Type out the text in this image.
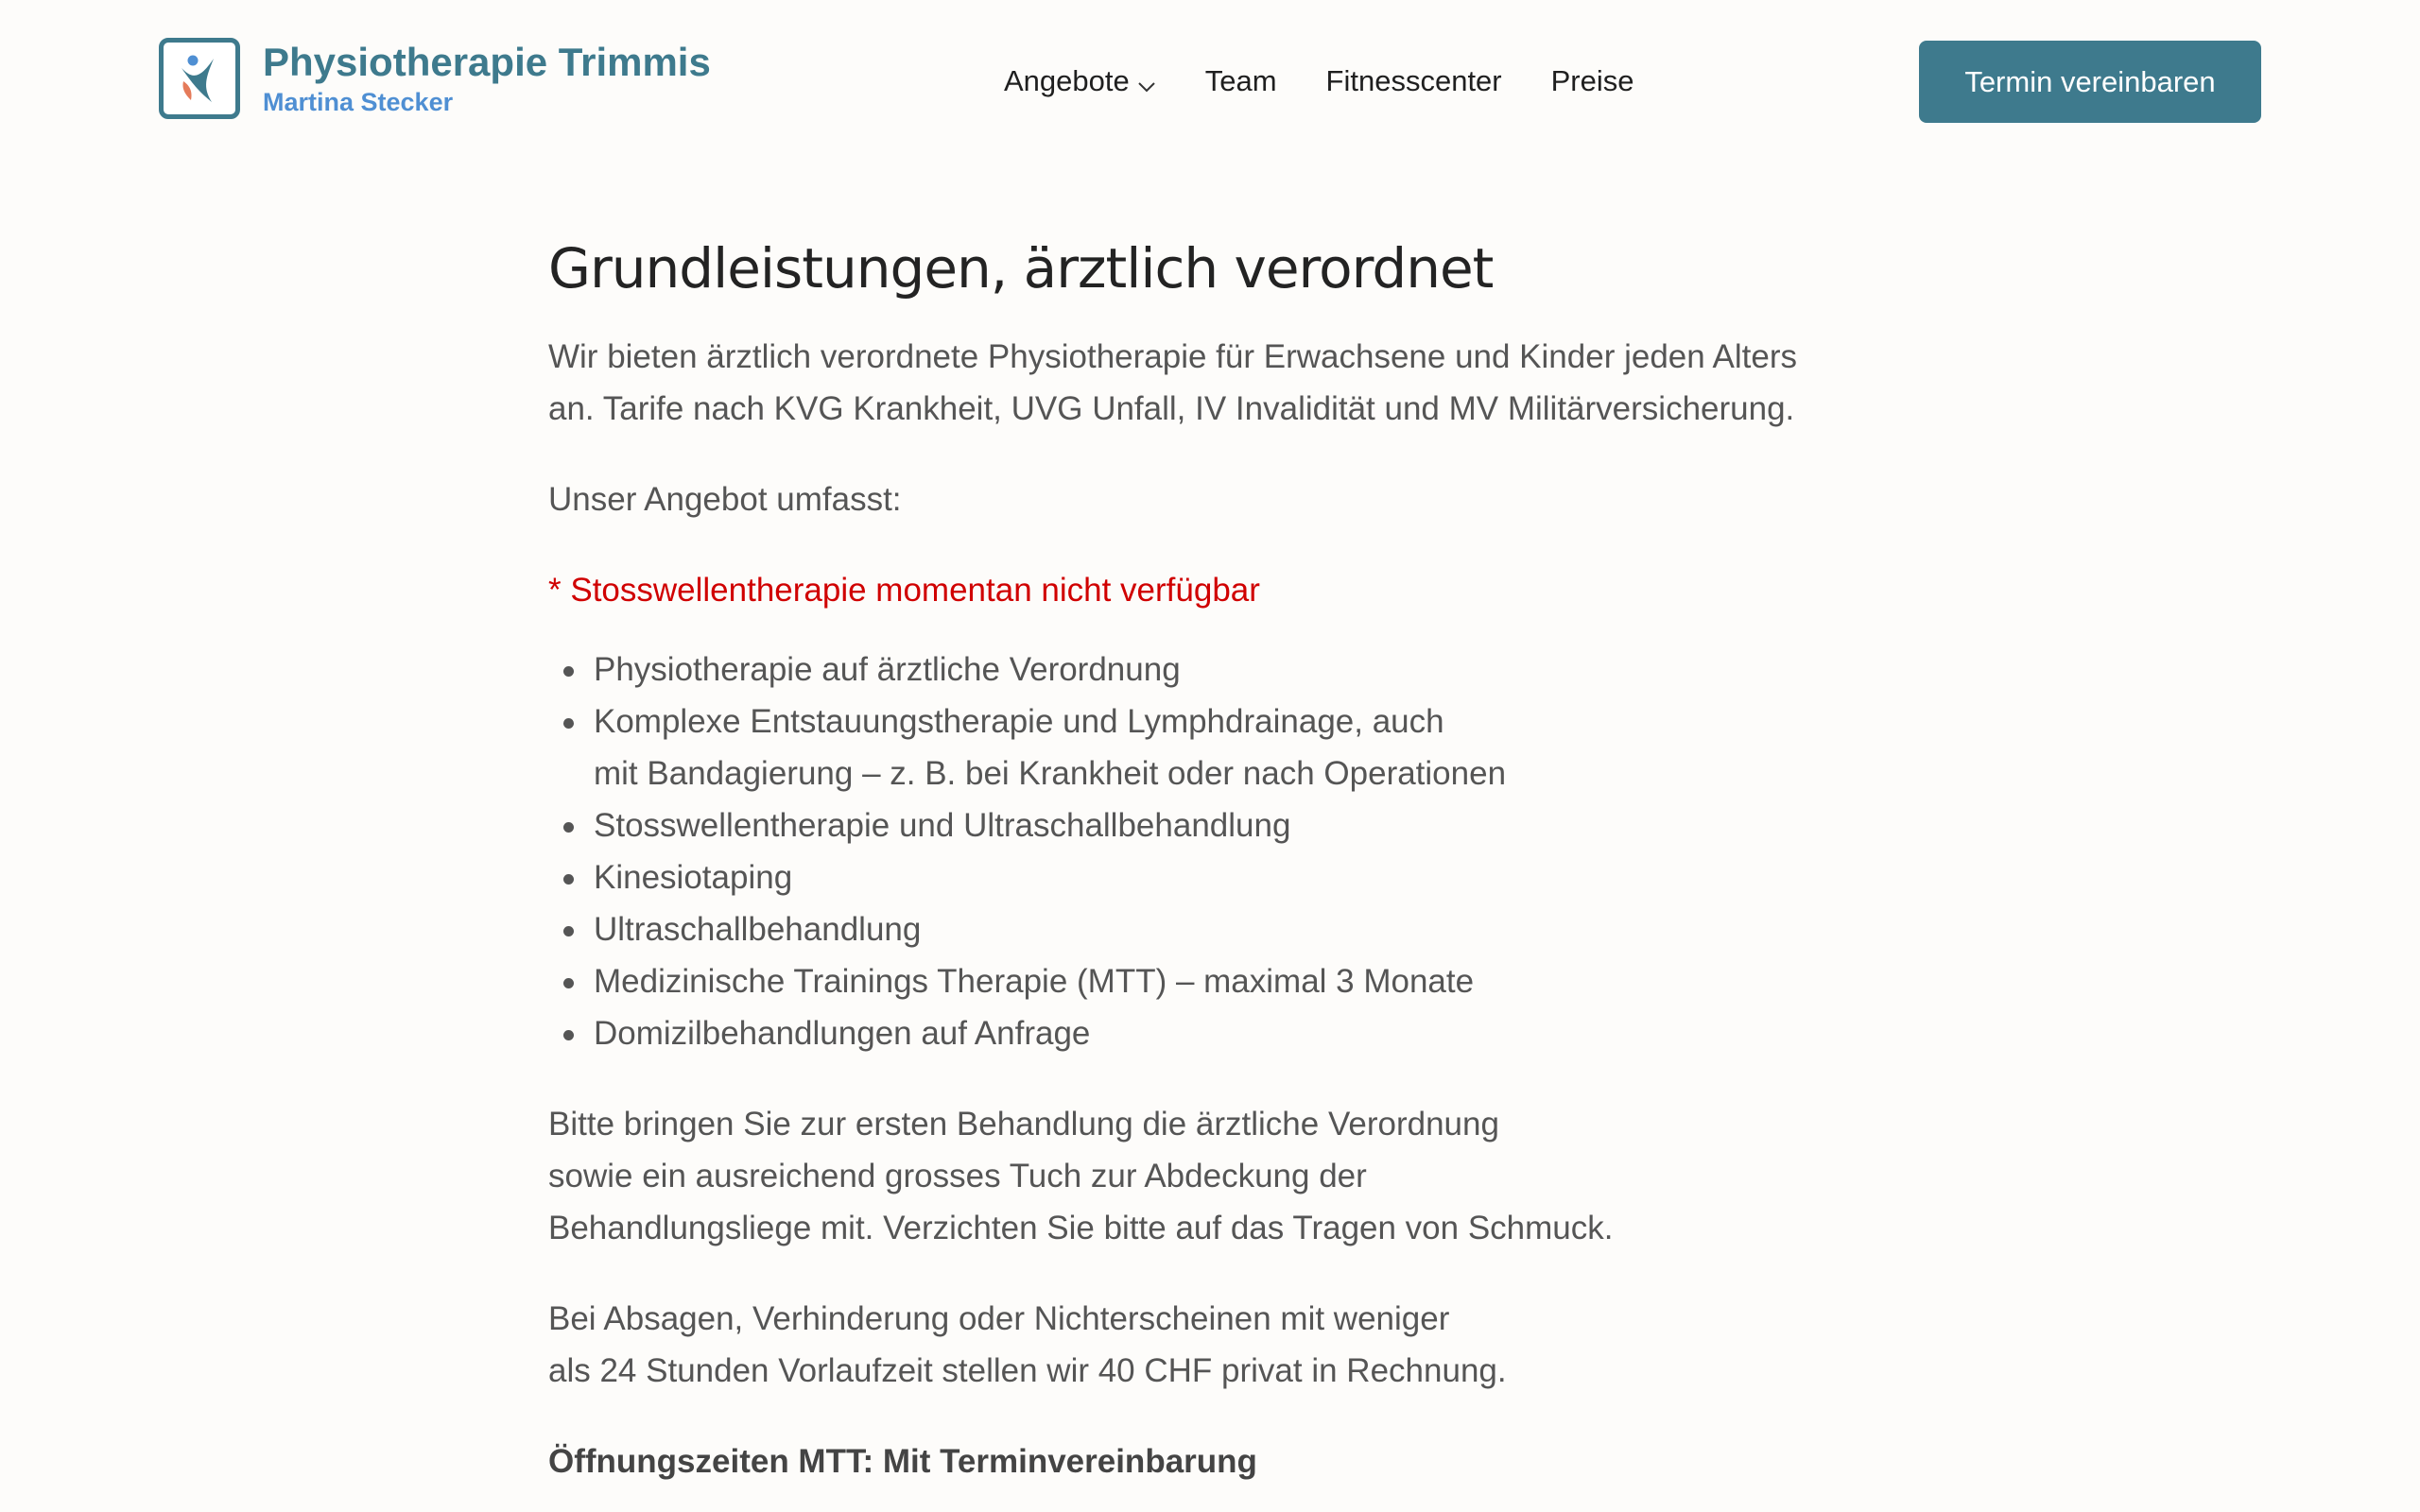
Physiotherapie Trimmis
Martina Stecker
Angebote	Team Fitnesscenter Preise	Termin vereinbaren
Grundleistungen, ärztlich verordnet

Wir bieten ärztlich verordnete Physiotherapie für Erwachsene und Kinder jeden Alters
an. Tarife nach KVG Krankheit, UVG Unfall, IV Invalidität und MV Militärversicherung.

Unser Angebot umfasst:

* Stosswellentherapie momentan nicht verfügbar

Physiotherapie auf ärztliche Verordnung
Komplexe Entstauungstherapie und Lymphdrainage, auch
mit Bandagierung – z. B. bei Krankheit oder nach Operationen
Stosswellentherapie und Ultraschallbehandlung
Kinesiotaping
Ultraschallbehandlung
Medizinische Trainings Therapie (MTT) – maximal 3 Monate
Domizilbehandlungen auf Anfrage

Bitte bringen Sie zur ersten Behandlung die ärztliche Verordnung
sowie ein ausreichend grosses Tuch zur Abdeckung der
Behandlungsliege mit. Verzichten Sie bitte auf das Tragen von Schmuck.

Bei Absagen, Verhinderung oder Nichterscheinen mit weniger
als 24 Stunden Vorlaufzeit stellen wir 40 CHF privat in Rechnung.

Öffnungszeiten MTT: Mit Terminvereinbarung
